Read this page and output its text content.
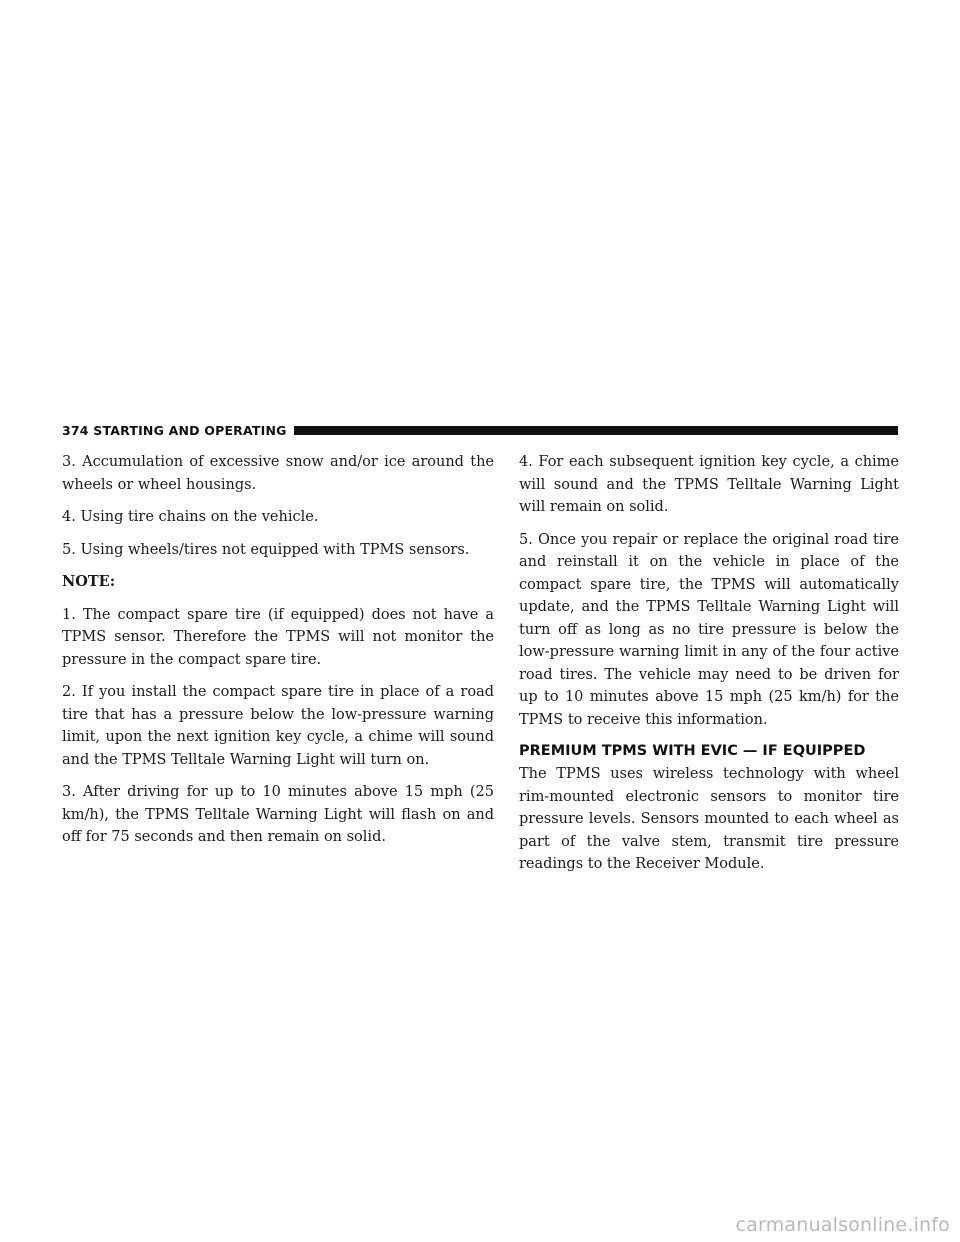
374 STARTING AND OPERATING

3. Accumulation of excessive snow and/or ice around the wheels or wheel housings.

4. Using tire chains on the vehicle.

5. Using wheels/tires not equipped with TPMS sensors.

NOTE:

1. The compact spare tire (if equipped) does not have a TPMS sensor. Therefore the TPMS will not monitor the pressure in the compact spare tire.

2. If you install the compact spare tire in place of a road tire that has a pressure below the low-pressure warning limit, upon the next ignition key cycle, a chime will sound and the TPMS Telltale Warning Light will turn on.

3. After driving for up to 10 minutes above 15 mph (25 km/h), the TPMS Telltale Warning Light will flash on and off for 75 seconds and then remain on solid.

4. For each subsequent ignition key cycle, a chime will sound and the TPMS Telltale Warning Light will remain on solid.

5. Once you repair or replace the original road tire and reinstall it on the vehicle in place of the compact spare tire, the TPMS will automatically update, and the TPMS Telltale Warning Light will turn off as long as no tire pressure is below the low-pressure warning limit in any of the four active road tires. The vehicle may need to be driven for up to 10 minutes above 15 mph (25 km/h) for the TPMS to receive this information.

PREMIUM TPMS WITH EVIC — IF EQUIPPED

The TPMS uses wireless technology with wheel rim-mounted electronic sensors to monitor tire pressure levels. Sensors mounted to each wheel as part of the valve stem, transmit tire pressure readings to the Receiver Module.

carmanualsonline.info
